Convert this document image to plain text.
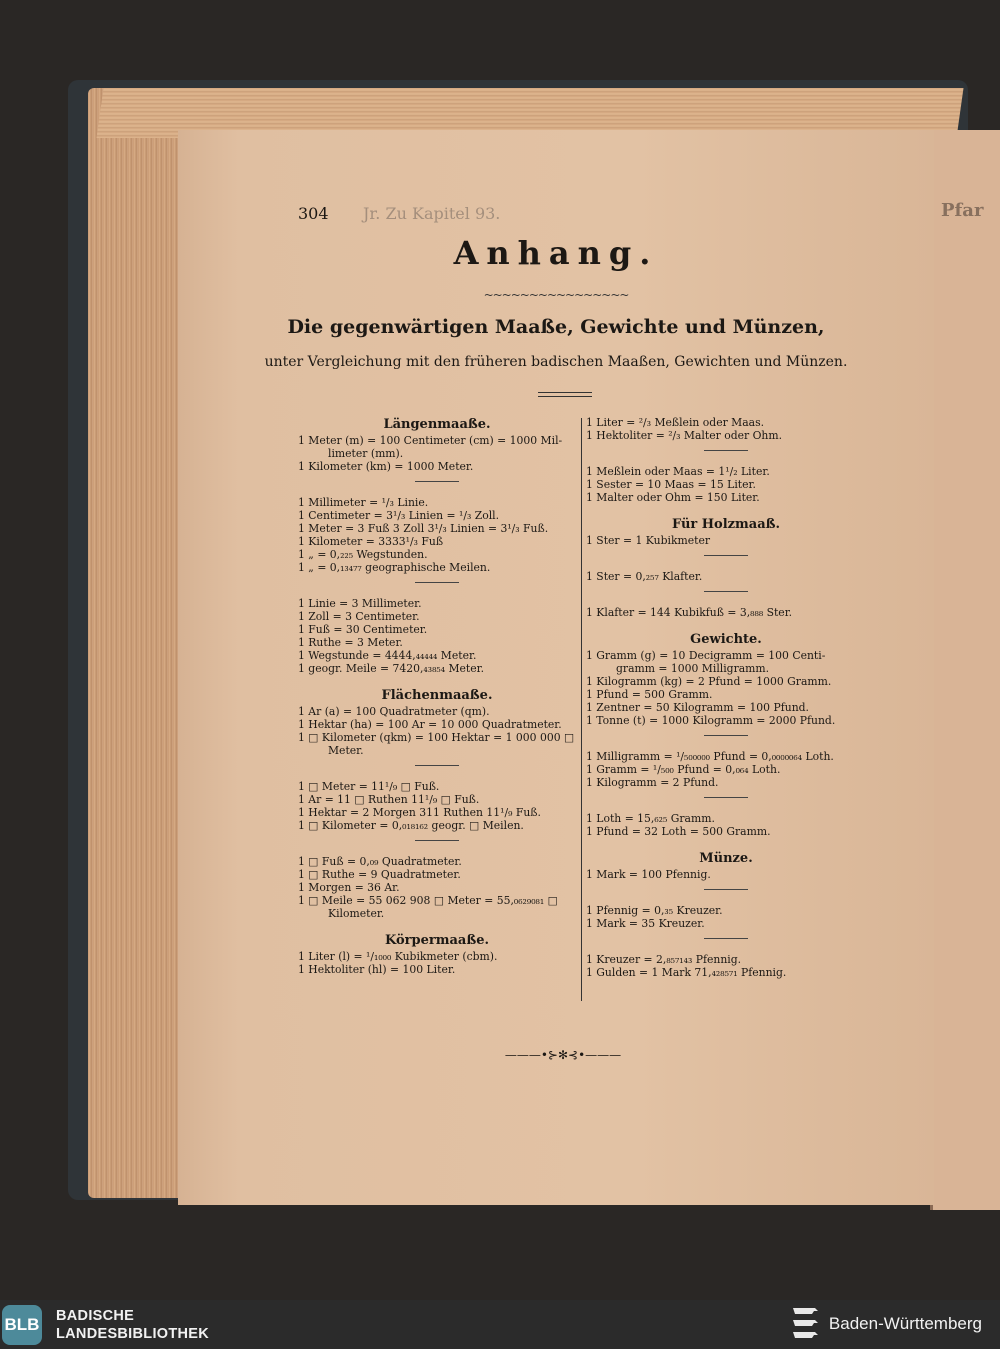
Pfar
304 Jr. Zu Kapitel 93.
Anhang.
~~~~~~~~~~~~~~~~
Die gegenwärtigen Maaße, Gewichte und Münzen,
unter Vergleichung mit den früheren badischen Maaßen, Gewichten und Münzen.
Längenmaaße.
1 Meter (m) = 100 Centimeter (cm) = 1000 Mil-
limeter (mm).
1 Kilometer (km) = 1000 Meter.
1 Millimeter = ¹/₃ Linie.
1 Centimeter = 3¹/₃ Linien = ¹/₃ Zoll.
1 Meter = 3 Fuß 3 Zoll 3¹/₃ Linien = 3¹/₃ Fuß.
1 Kilometer = 3333¹/₃ Fuß
1 „ = 0,₂₂₅ Wegstunden.
1 „ = 0,₁₃₄₇₇ geographische Meilen.
1 Linie = 3 Millimeter.
1 Zoll = 3 Centimeter.
1 Fuß = 30 Centimeter.
1 Ruthe = 3 Meter.
1 Wegstunde = 4444,₄₄₄₄₄ Meter.
1 geogr. Meile = 7420,₄₃₈₅₄ Meter.
Flächenmaaße.
1 Ar (a) = 100 Quadratmeter (qm).
1 Hektar (ha) = 100 Ar = 10 000 Quadratmeter.
1 □ Kilometer (qkm) = 100 Hektar = 1 000 000 □
Meter.
1 □ Meter = 11¹/₉ □ Fuß.
1 Ar = 11 □ Ruthen 11¹/₉ □ Fuß.
1 Hektar = 2 Morgen 311 Ruthen 11¹/₉ Fuß.
1 □ Kilometer = 0,₀₁₈₁₆₂ geogr. □ Meilen.
1 □ Fuß = 0,₀₉ Quadratmeter.
1 □ Ruthe = 9 Quadratmeter.
1 Morgen = 36 Ar.
1 □ Meile = 55 062 908 □ Meter = 55,₀₆₂₉₀₈₁ □
Kilometer.
Körpermaaße.
1 Liter (l) = ¹/₁₀₀₀ Kubikmeter (cbm).
1 Hektoliter (hl) = 100 Liter.
1 Liter = ²/₃ Meßlein oder Maas.
1 Hektoliter = ²/₃ Malter oder Ohm.
1 Meßlein oder Maas = 1¹/₂ Liter.
1 Sester = 10 Maas = 15 Liter.
1 Malter oder Ohm = 150 Liter.
Für Holzmaaß.
1 Ster = 1 Kubikmeter
1 Ster = 0,₂₅₇ Klafter.
1 Klafter = 144 Kubikfuß = 3,₈₈₈ Ster.
Gewichte.
1 Gramm (g) = 10 Decigramm = 100 Centi-
gramm = 1000 Milligramm.
1 Kilogramm (kg) = 2 Pfund = 1000 Gramm.
1 Pfund = 500 Gramm.
1 Zentner = 50 Kilogramm = 100 Pfund.
1 Tonne (t) = 1000 Kilogramm = 2000 Pfund.
1 Milligramm = ¹/₅₀₀₀₀₀ Pfund = 0,₀₀₀₀₀₆₄ Loth.
1 Gramm = ¹/₅₀₀ Pfund = 0,₀₆₄ Loth.
1 Kilogramm = 2 Pfund.
1 Loth = 15,₆₂₅ Gramm.
1 Pfund = 32 Loth = 500 Gramm.
Münze.
1 Mark = 100 Pfennig.
1 Pfennig = 0,₃₅ Kreuzer.
1 Mark = 35 Kreuzer.
1 Kreuzer = 2,₈₅₇₁₄₃ Pfennig.
1 Gulden = 1 Mark 71,₄₂₈₅₇₁ Pfennig.
———•⊱✻⊰•———
BLB BADISCHE
LANDESBIBLIOTHEK
Baden-Württemberg
